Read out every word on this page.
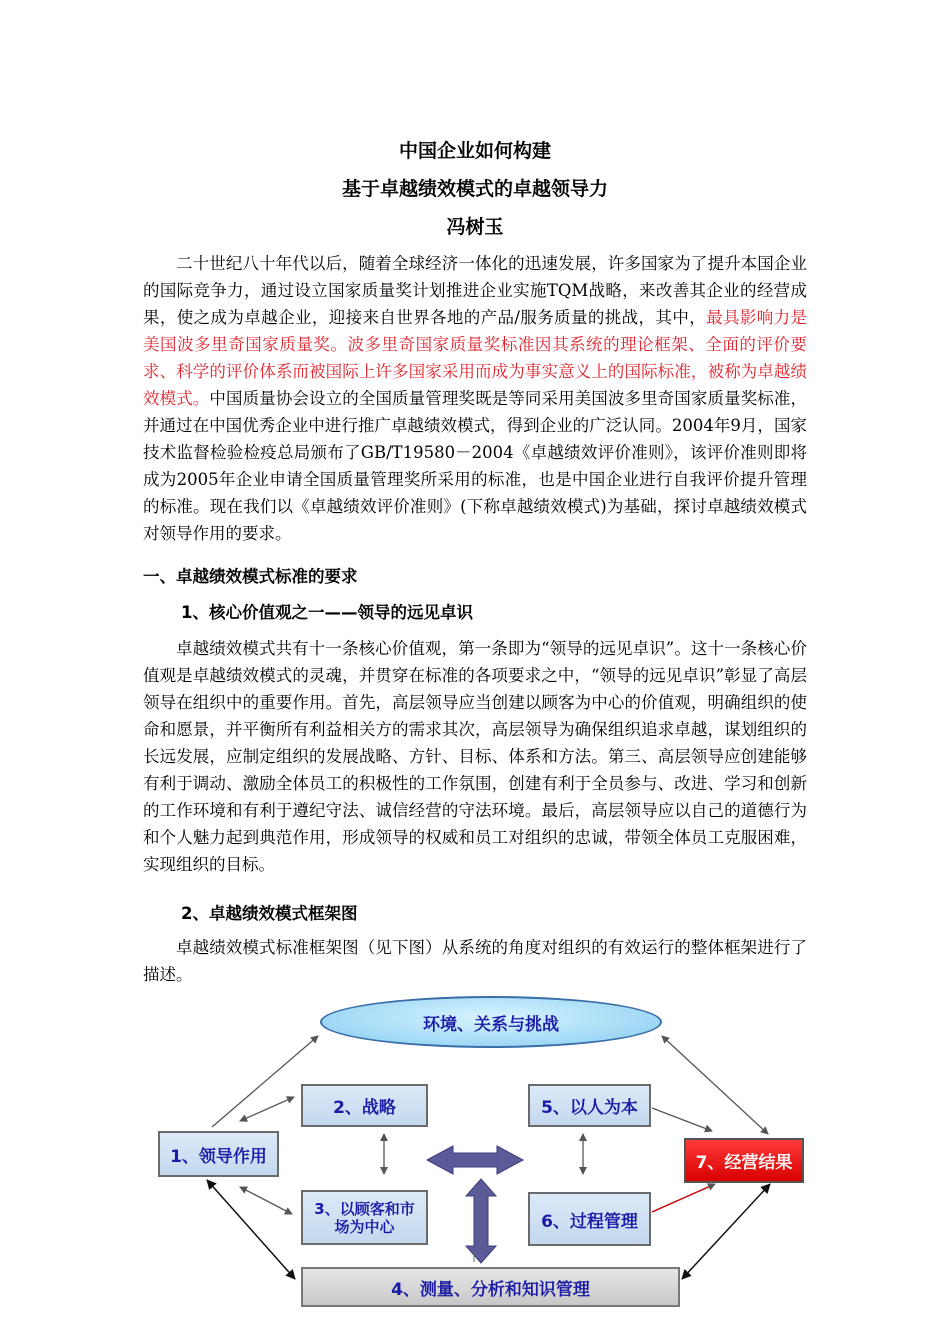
中国企业如何构建
基于卓越绩效模式的卓越领导力
冯树玉

二十世纪八十年代以后，随着全球经济一体化的迅速发展，许多国家为了提升本国企业的国际竞争力，通过设立国家质量奖计划推进企业实施TQM战略，来改善其企业的经营成果，使之成为卓越企业，迎接来自世界各地的产品/服务质量的挑战，其中，最具影响力是美国波多里奇国家质量奖。波多里奇国家质量奖标准因其系统的理论框架、全面的评价要求、科学的评价体系而被国际上许多国家采用而成为事实意义上的国际标准，被称为卓越绩效模式。中国质量协会设立的全国质量管理奖既是等同采用美国波多里奇国家质量奖标准，并通过在中国优秀企业中进行推广卓越绩效模式，得到企业的广泛认同。2004年9月，国家技术监督检验检疫总局颁布了GB/T19580－2004《卓越绩效评价准则》，该评价准则即将成为2005年企业申请全国质量管理奖所采用的标准，也是中国企业进行自我评价提升管理的标准。现在我们以《卓越绩效评价准则》(下称卓越绩效模式)为基础，探讨卓越绩效模式对领导作用的要求。

一、卓越绩效模式标准的要求
1、核心价值观之一——领导的远见卓识

卓越绩效模式共有十一条核心价值观，第一条即为“领导的远见卓识”。这十一条核心价值观是卓越绩效模式的灵魂，并贯穿在标准的各项要求之中，“领导的远见卓识”彰显了高层领导在组织中的重要作用。首先，高层领导应当创建以顾客为中心的价值观，明确组织的使命和愿景，并平衡所有利益相关方的需求其次，高层领导为确保组织追求卓越，谋划组织的长远发展，应制定组织的发展战略、方针、目标、体系和方法。第三、高层领导应创建能够有利于调动、激励全体员工的积极性的工作氛围，创建有利于全员参与、改进、学习和创新的工作环境和有利于遵纪守法、诚信经营的守法环境。最后，高层领导应以自己的道德行为和个人魅力起到典范作用，形成领导的权威和员工对组织的忠诚，带领全体员工克服困难，实现组织的目标。

2、卓越绩效模式框架图

卓越绩效模式标准框架图（见下图）从系统的角度对组织的有效运行的整体框架进行了描述。

环境、关系与挑战
1、领导作用
2、战略
3、以顾客和市
场为中心
5、以人为本
6、过程管理
7、经营结果
4、测量、分析和知识管理
